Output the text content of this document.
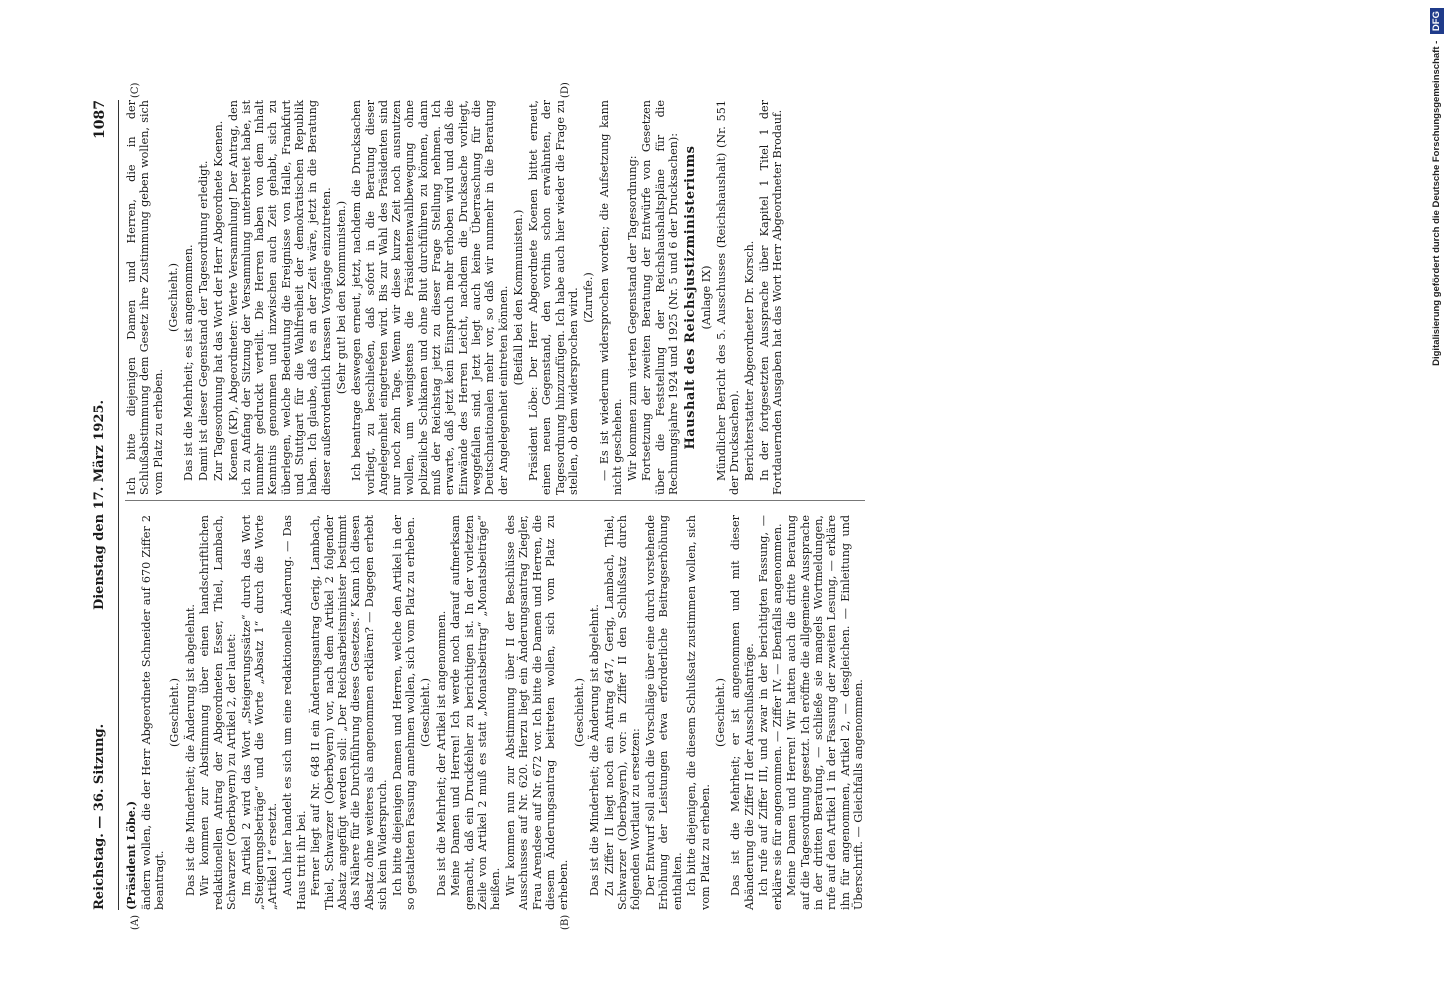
Reichstag. — 36. Sitzung.
Dienstag den 17. März 1925.
1087
(A)	(B)
(C)	(D)

(Präsident Löbe.) ändern wollen, die der Herr Abgeordnete Schneider auf 670 Ziffer 2 beantragt.

(Geschieht.) Das ist die Minderheit; die Änderung ist abgelehnt. Wir kommen zur Abstimmung über einen handschriftlichen redaktionellen Antrag der Abgeordneten Esser, Thiel, Lambach, Schwarzer (Oberbayern) zu Artikel 2, der lautet: Im Artikel 2 wird das Wort „Steigerungssätze“ durch das Wort „Steigerungsbeträge“ und die Worte „Absatz 1“ durch die Worte „Artikel 1“ ersetzt. Auch hier handelt es sich um eine redaktionelle Änderung. — Das Haus tritt ihr bei. Ferner liegt auf Nr. 648 II ein Änderungsantrag Gerig, Lambach, Thiel, Schwarzer (Oberbayern) vor, nach dem Artikel 2 folgender Absatz angefügt werden soll: „Der Reichsarbeitsminister bestimmt das Nähere für die Durchführung dieses Gesetzes.“ Kann ich diesen Absatz ohne weiteres als angenommen erklären? — Dagegen erhebt sich kein Widerspruch. Ich bitte diejenigen Damen und Herren, welche den Artikel in der so gestalteten Fassung annehmen wollen, sich vom Platz zu erheben. (Geschieht.) Das ist die Mehrheit; der Artikel ist angenommen. Meine Damen und Herren! Ich werde noch darauf aufmerksam gemacht, daß ein Druckfehler zu berichtigen ist. In der vorletzten Zeile von Artikel 2 muß es statt „Monatsbeitrag“ „Monatsbeiträge“ heißen. Wir kommen nun zur Abstimmung über II der Beschlüsse des Ausschusses auf Nr. 620. Hierzu liegt ein Änderungsantrag Ziegler, Frau Arendsee auf Nr. 672 vor. Ich bitte die Damen und Herren, die diesem Änderungsantrag beitreten wollen, sich vom Platz zu erheben.

(Geschieht.) Das ist die Minderheit; die Änderung ist abgelehnt. Zu Ziffer II liegt noch ein Antrag 647, Gerig, Lambach, Thiel, Schwarzer (Oberbayern), vor: in Ziffer II den Schlußsatz durch folgenden Wortlaut zu ersetzen: Der Entwurf soll auch die Vorschläge über eine durch vorstehende Erhöhung der Leistungen etwa erforderliche Beitragserhöhung enthalten. Ich bitte diejenigen, die diesem Schlußsatz zustimmen wollen, sich vom Platz zu erheben.

(Geschieht.) Das ist die Mehrheit; er ist angenommen und mit dieser Abänderung die Ziffer II der Ausschußanträge. Ich rufe auf Ziffer III, und zwar in der berichtigten Fassung, — erkläre sie für angenommen. — Ziffer IV. — Ebenfalls angenommen. Meine Damen und Herren! Wir hatten auch die dritte Beratung auf die Tagesordnung gesetzt. Ich eröffne die allgemeine Aussprache in der dritten Beratung, — schließe sie mangels Wortmeldungen, rufe auf den Artikel 1 in der Fassung der zweiten Lesung, — erkläre ihn für angenommen, Artikel 2, — desgleichen. — Einleitung und Überschrift. — Gleichfalls angenommen.

Ich bitte diejenigen Damen und Herren, die in der Schlußabstimmung dem Gesetz ihre Zustimmung geben wollen, sich vom Platz zu erheben.

(Geschieht.) Das ist die Mehrheit; es ist angenommen. Damit ist dieser Gegenstand der Tagesordnung erledigt. Zur Tagesordnung hat das Wort der Herr Abgeordnete Koenen. Koenen (KP), Abgeordneter: Werte Versammlung! Der Antrag, den ich zu Anfang der Sitzung der Versammlung unterbreitet habe, ist nunmehr gedruckt verteilt. Die Herren haben von dem Inhalt Kenntnis genommen und inzwischen auch Zeit gehabt, sich zu überlegen, welche Bedeutung die Ereignisse von Halle, Frankfurt und Stuttgart für die Wahlfreiheit der demokratischen Republik haben. Ich glaube, daß es an der Zeit wäre, jetzt in die Beratung dieser außerordentlich krassen Vorgänge einzutreten. (Sehr gut! bei den Kommunisten.) Ich beantrage deswegen erneut, jetzt, nachdem die Drucksachen vorliegt, zu beschließen, daß sofort in die Beratung dieser Angelegenheit eingetreten wird. Bis zur Wahl des Präsidenten sind nur noch zehn Tage. Wenn wir diese kurze Zeit noch ausnutzen wollen, um wenigstens die Präsidentenwahlbewegung ohne polizeiliche Schikanen und ohne Blut durchführen zu können, dann muß der Reichstag jetzt zu dieser Frage Stellung nehmen. Ich erwarte, daß jetzt kein Einspruch mehr erhoben wird und daß die Einwände des Herren Leicht, nachdem die Drucksache vorliegt, weggefallen sind. Jetzt liegt auch keine Überraschung für die Deutschnationalen mehr vor, so daß wir nunmehr in die Beratung der Angelegenheit eintreten können. (Beifall bei den Kommunisten.) Präsident Löbe: Der Herr Abgeordnete Koenen bittet erneut, einen neuen Gegenstand, den vorhin schon erwähnten, der Tagesordnung hinzuzufügen. Ich habe auch hier wieder die Frage zu stellen, ob dem widersprochen wird. (Zurufe.) — Es ist wiederum widersprochen worden; die Aufsetzung kann nicht geschehen. Wir kommen zum vierten Gegenstand der Tagesordnung: Fortsetzung der zweiten Beratung der Entwürfe von Gesetzen über die Feststellung der Reichshaushaltspläne für die Rechnungsjahre 1924 und 1925 (Nr. 5 und 6 der Drucksachen): Haushalt des Reichsjustizministeriums (Anlage IX) Mündlicher Bericht des 5. Ausschusses (Reichshaushalt) (Nr. 551 der Drucksachen). Berichterstatter Abgeordneter Dr. Korsch. In der fortgesetzten Aussprache über Kapitel 1 Titel 1 der Fortdauernden Ausgaben hat das Wort Herr Abgeordneter Brodauf.	Digitalisierung gefördert durch die Deutsche Forschungsgemeinschaft - DFG
